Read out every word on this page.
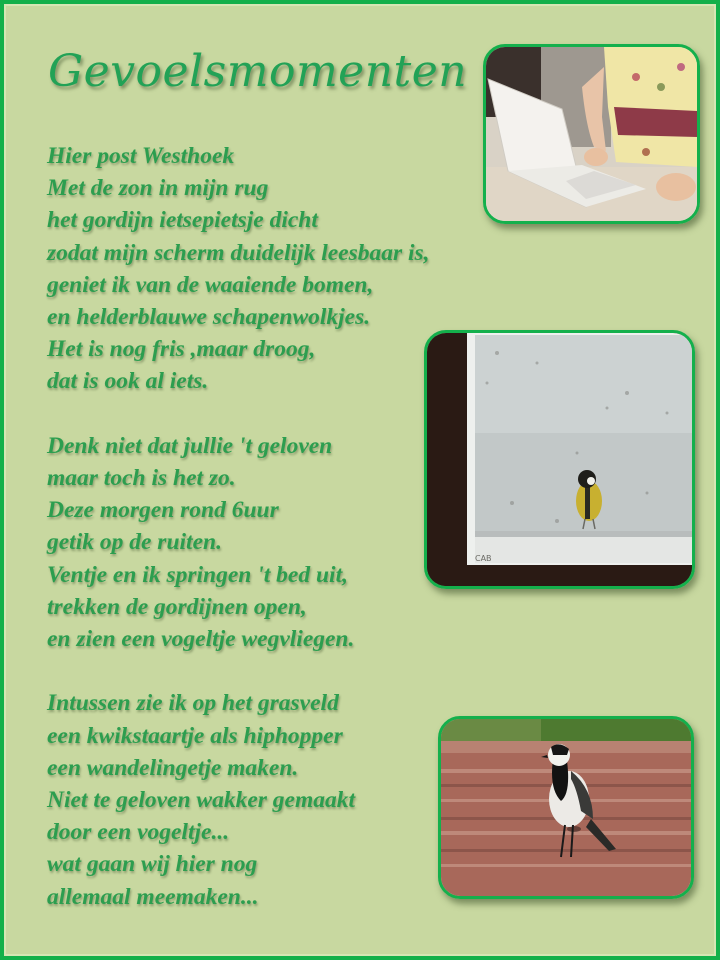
Gevoelsmomenten
Hier post Westhoek
Met de zon in mijn rug
het gordijn ietsepietsje dicht
zodat mijn scherm duidelijk leesbaar is,
geniet ik van de waaiende bomen,
en helderblauwe schapenwolkjes.
Het is nog fris ,maar droog,
dat is ook al iets.
Denk niet dat jullie 't geloven
maar toch is het zo.
Deze morgen rond 6uur
getik op de ruiten.
Ventje en ik springen 't bed uit,
trekken de gordijnen open,
en zien een vogeltje wegvliegen.
Intussen zie ik op het grasveld
een kwikstaartje als hiphopper
een wandelingetje maken.
Niet te geloven wakker gemaakt
door een vogeltje...
wat gaan wij hier nog
allemaal meemaken...
CAB
